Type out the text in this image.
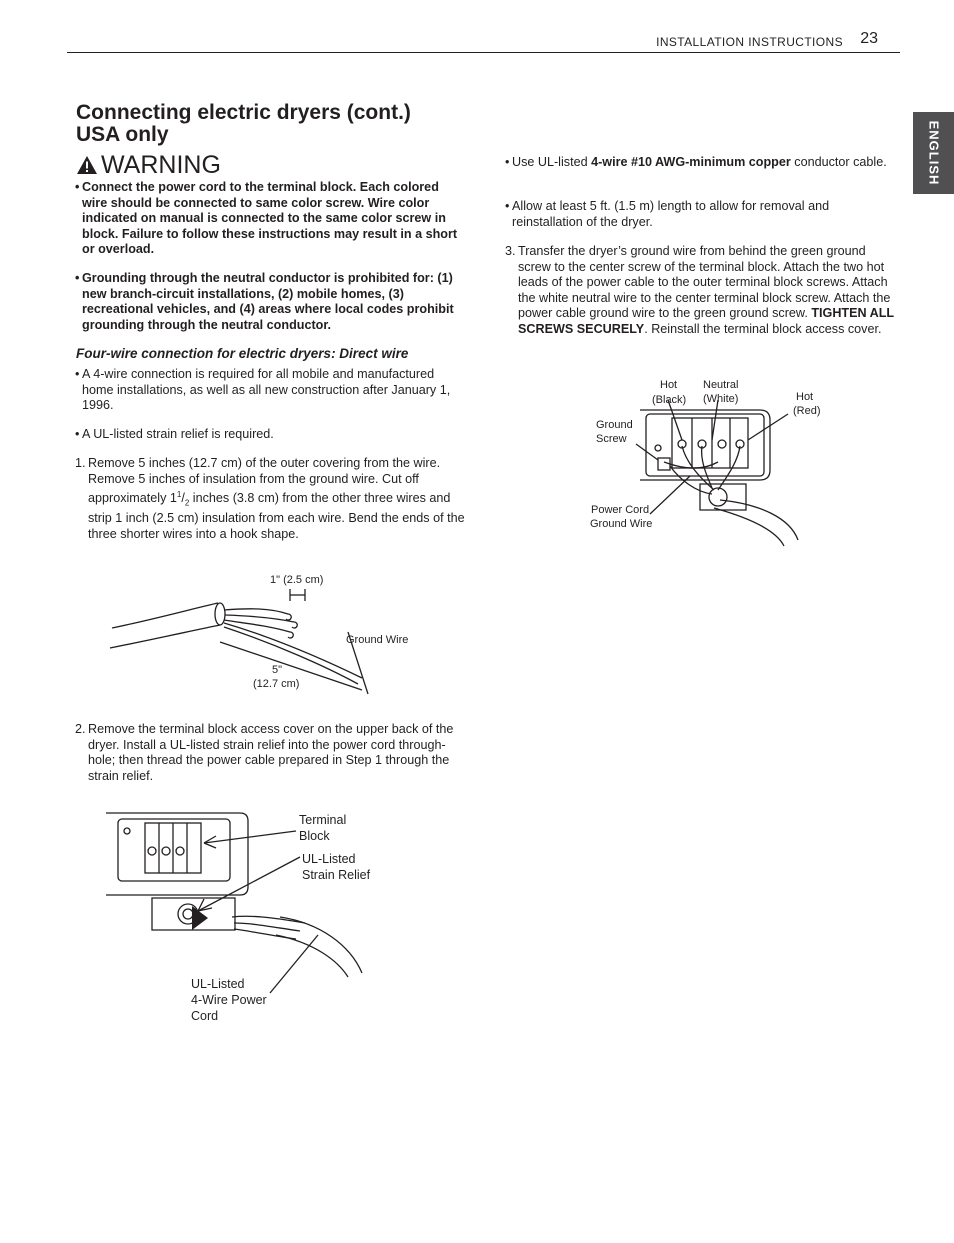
INSTALLATION INSTRUCTIONS 23
ENGLISH
Connecting electric dryers (cont.)
USA only
WARNING
• Connect the power cord to the terminal block. Each colored wire should be connected to same color screw. Wire color indicated on manual is connected to the same color screw in block. Failure to follow these instructions may result in a short or overload.
• Grounding through the neutral conductor is prohibited for: (1) new branch-circuit installations, (2) mobile homes, (3) recreational vehicles, and (4) areas where local codes prohibit grounding through the neutral conductor.
Four-wire connection for electric dryers: Direct wire
• A 4-wire connection is required for all mobile and manufactured home installations, as well as all new construction after January 1, 1996.
• A UL-listed strain relief is required.
1. Remove 5 inches (12.7 cm) of the outer covering from the wire. Remove 5 inches of insulation from the ground wire. Cut off approximately $1^1/_2$ inches (3.8 cm) from the other three wires and strip 1 inch (2.5 cm) insulation from each wire. Bend the ends of the three shorter wires into a hook shape.
1" (2.5 cm)
Ground Wire
5"
(12.7 cm)
2. Remove the terminal block access cover on the upper back of the dryer. Install a UL-listed strain relief into the power cord through-hole; then thread the power cable prepared in Step 1 through the strain relief.
Terminal
Block
UL-Listed
Strain Relief
UL-Listed
4-Wire Power
Cord
• Use UL-listed 4-wire #10 AWG-minimum copper conductor cable.
• Allow at least 5 ft. (1.5 m) length to allow for removal and reinstallation of the dryer.
3. Transfer the dryer’s ground wire from behind the green ground screw to the center screw of the terminal block. Attach the two hot leads of the power cable to the outer terminal block screws. Attach the white neutral wire to the center terminal block screw. Attach the power cable ground wire to the green ground screw. TIGHTEN ALL SCREWS SECURELY. Reinstall the terminal block access cover.
Hot
(Black)
Neutral
(White)	Hot
(Red)
Ground
Screw
Power Cord
Ground Wire
